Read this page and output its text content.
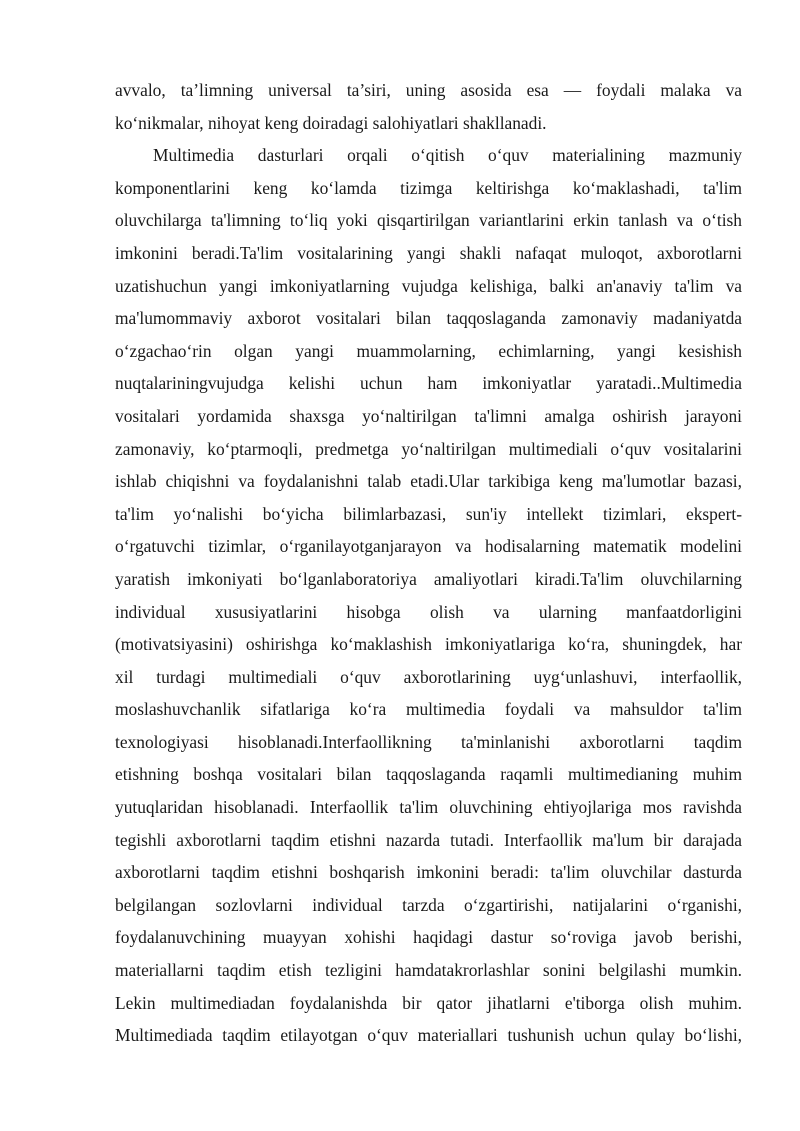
avvalo, ta’limning universal ta’siri, uning asosida esa — foydali malaka va
ko‘nikmalar, nihoyat keng doiradagi salohiyatlari shakllanadi.
Multimedia dasturlari orqali o‘qitish o‘quv materialining mazmuniy
komponentlarini keng ko‘lamda tizimga keltirishga ko‘maklashadi, ta'lim
oluvchilarga ta'limning to‘liq yoki qisqartirilgan variantlarini erkin tanlash va o‘tish
imkonini beradi.Ta'lim vositalarining yangi shakli nafaqat muloqot, axborotlarni
uzatishuchun yangi imkoniyatlarning vujudga kelishiga, balki an'anaviy ta'lim va
ma'lumommaviy axborot vositalari bilan taqqoslaganda zamonaviy madaniyatda
o‘zgachao‘rin olgan yangi muammolarning, echimlarning, yangi kesishish
nuqtalariningvujudga kelishi uchun ham imkoniyatlar yaratadi..Multimedia
vositalari yordamida shaxsga yo‘naltirilgan ta'limni amalga oshirish jarayoni
zamonaviy, ko‘ptarmoqli, predmetga yo‘naltirilgan multimediali o‘quv vositalarini
ishlab chiqishni va foydalanishni talab etadi.Ular tarkibiga keng ma'lumotlar bazasi,
ta'lim yo‘nalishi bo‘yicha bilimlarbazasi, sun'iy intellekt tizimlari, ekspert-
o‘rgatuvchi tizimlar, o‘rganilayotganjarayon va hodisalarning matematik modelini
yaratish imkoniyati bo‘lganlaboratoriya amaliyotlari kiradi.Ta'lim oluvchilarning
individual xususiyatlarini hisobga olish va ularning manfaatdorligini
(motivatsiyasini) oshirishga ko‘maklashish imkoniyatlariga ko‘ra, shuningdek, har
xil turdagi multimediali o‘quv axborotlarining uyg‘unlashuvi, interfaollik,
moslashuvchanlik sifatlariga ko‘ra multimedia foydali va mahsuldor ta'lim
texnologiyasi hisoblanadi.Interfaollikning ta'minlanishi axborotlarni taqdim
etishning boshqa vositalari bilan taqqoslaganda raqamli multimedianing muhim
yutuqlaridan hisoblanadi. Interfaollik ta'lim oluvchining ehtiyojlariga mos ravishda
tegishli axborotlarni taqdim etishni nazarda tutadi. Interfaollik ma'lum bir darajada
axborotlarni taqdim etishni boshqarish imkonini beradi: ta'lim oluvchilar dasturda
belgilangan sozlovlarni individual tarzda o‘zgartirishi, natijalarini o‘rganishi,
foydalanuvchining muayyan xohishi haqidagi dastur so‘roviga javob berishi,
materiallarni taqdim etish tezligini hamdatakrorlashlar sonini belgilashi mumkin.
Lekin multimediadan foydalanishda bir qator jihatlarni e'tiborga olish muhim.
Multimediada taqdim etilayotgan o‘quv materiallari tushunish uchun qulay bo‘lishi,
